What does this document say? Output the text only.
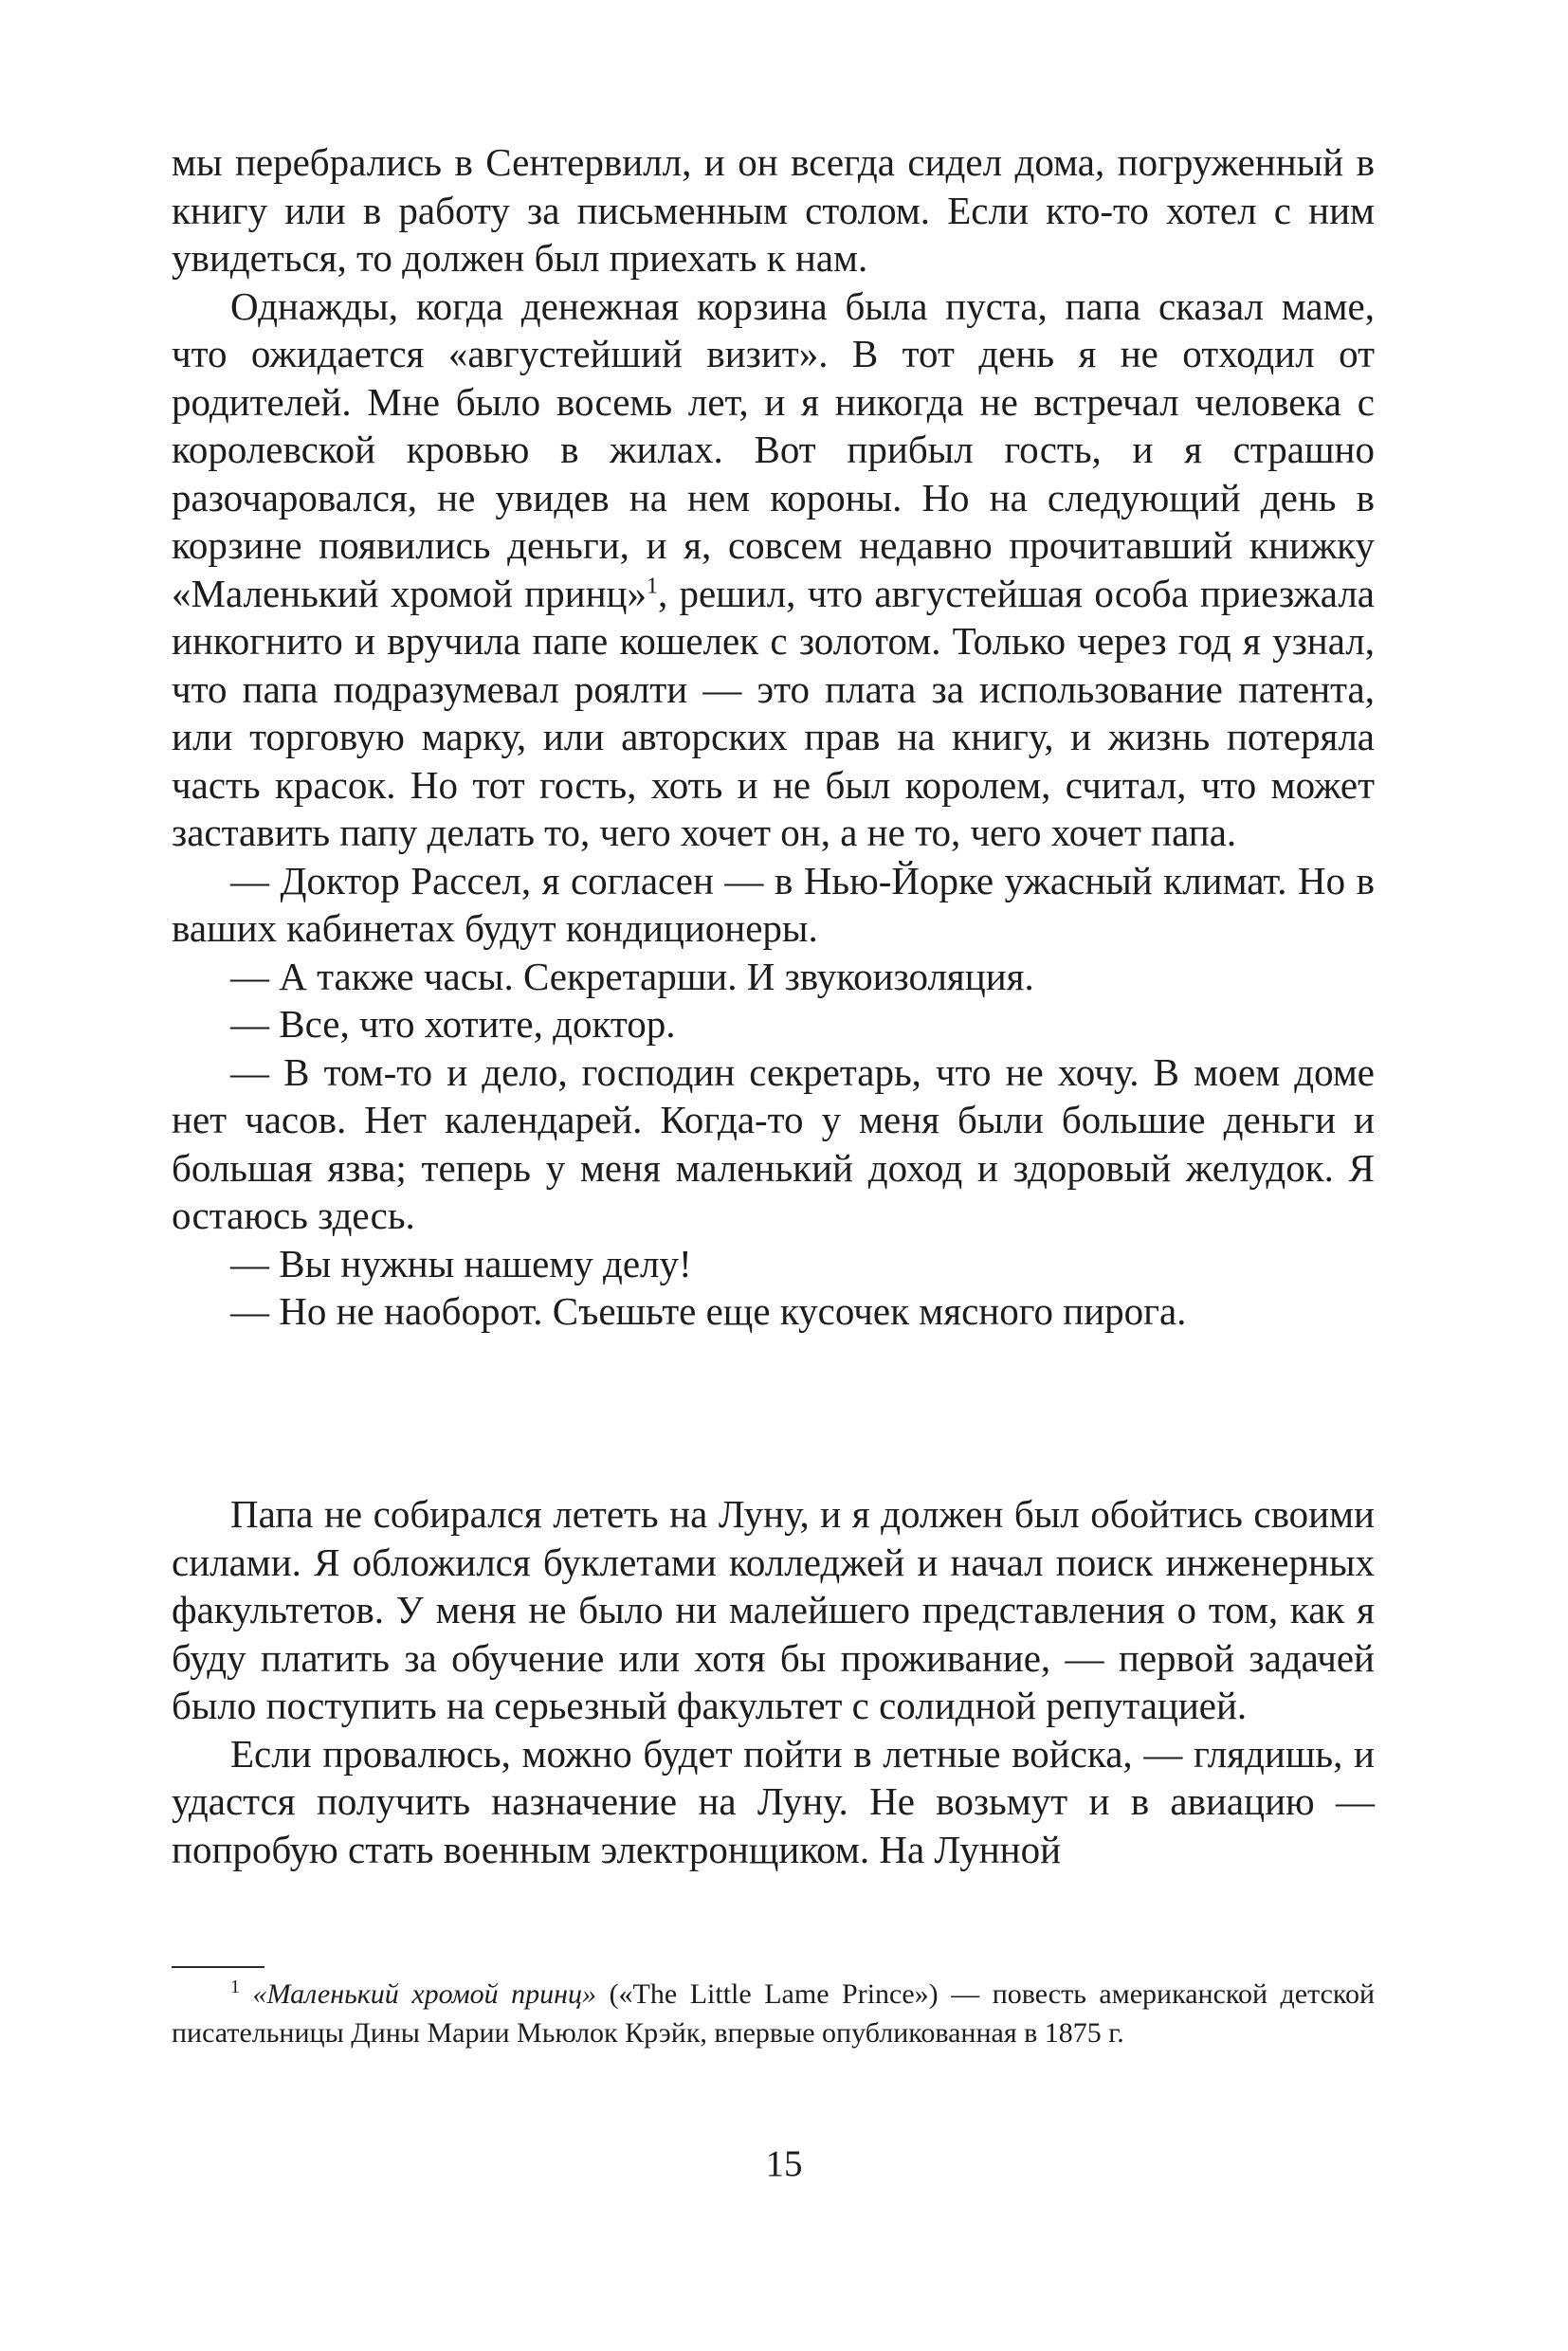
мы перебрались в Сентервилл, и он всегда сидел дома, погруженный в книгу или в работу за письменным столом. Если кто-то хотел с ним увидеться, то должен был приехать к нам.

Однажды, когда денежная корзина была пуста, папа сказал маме, что ожидается «августейший визит». В тот день я не отходил от родителей. Мне было восемь лет, и я никогда не встречал человека с королевской кровью в жилах. Вот прибыл гость, и я страшно разочаровался, не увидев на нем короны. Но на следующий день в корзине появились деньги, и я, совсем недавно прочитавший книжку «Маленький хромой принц»$^1$, решил, что августейшая особа приезжала инкогнито и вручила папе кошелек с золотом. Только через год я узнал, что папа подразумевал роялти — это плата за использование патента, или торговую марку, или авторских прав на книгу, и жизнь потеряла часть красок. Но тот гость, хоть и не был королем, считал, что может заставить папу делать то, чего хочет он, а не то, чего хочет папа.

— Доктор Рассел, я согласен — в Нью-Йорке ужасный климат. Но в ваших кабинетах будут кондиционеры.

— А также часы. Секретарши. И звукоизоляция.

— Все, что хотите, доктор.

— В том-то и дело, господин секретарь, что не хочу. В моем доме нет часов. Нет календарей. Когда-то у меня были большие деньги и большая язва; теперь у меня маленький доход и здоровый желудок. Я остаюсь здесь.

— Вы нужны нашему делу!

— Но не наоборот. Съешьте еще кусочек мясного пирога.

Папа не собирался лететь на Луну, и я должен был обойтись своими силами. Я обложился буклетами колледжей и начал поиск инженерных факультетов. У меня не было ни малейшего представления о том, как я буду платить за обучение или хотя бы проживание, — первой задачей было поступить на серьезный факультет с солидной репутацией.

Если провалюсь, можно будет пойти в летные войска, — глядишь, и удастся получить назначение на Луну. Не возьмут и в авиацию — попробую стать военным электронщиком. На Лунной

$^1$ «Маленький хромой принц» («The Little Lame Prince») — повесть американской детской писательницы Дины Марии Мьюлок Крэйк, впервые опубликованная в 1875 г.
15
